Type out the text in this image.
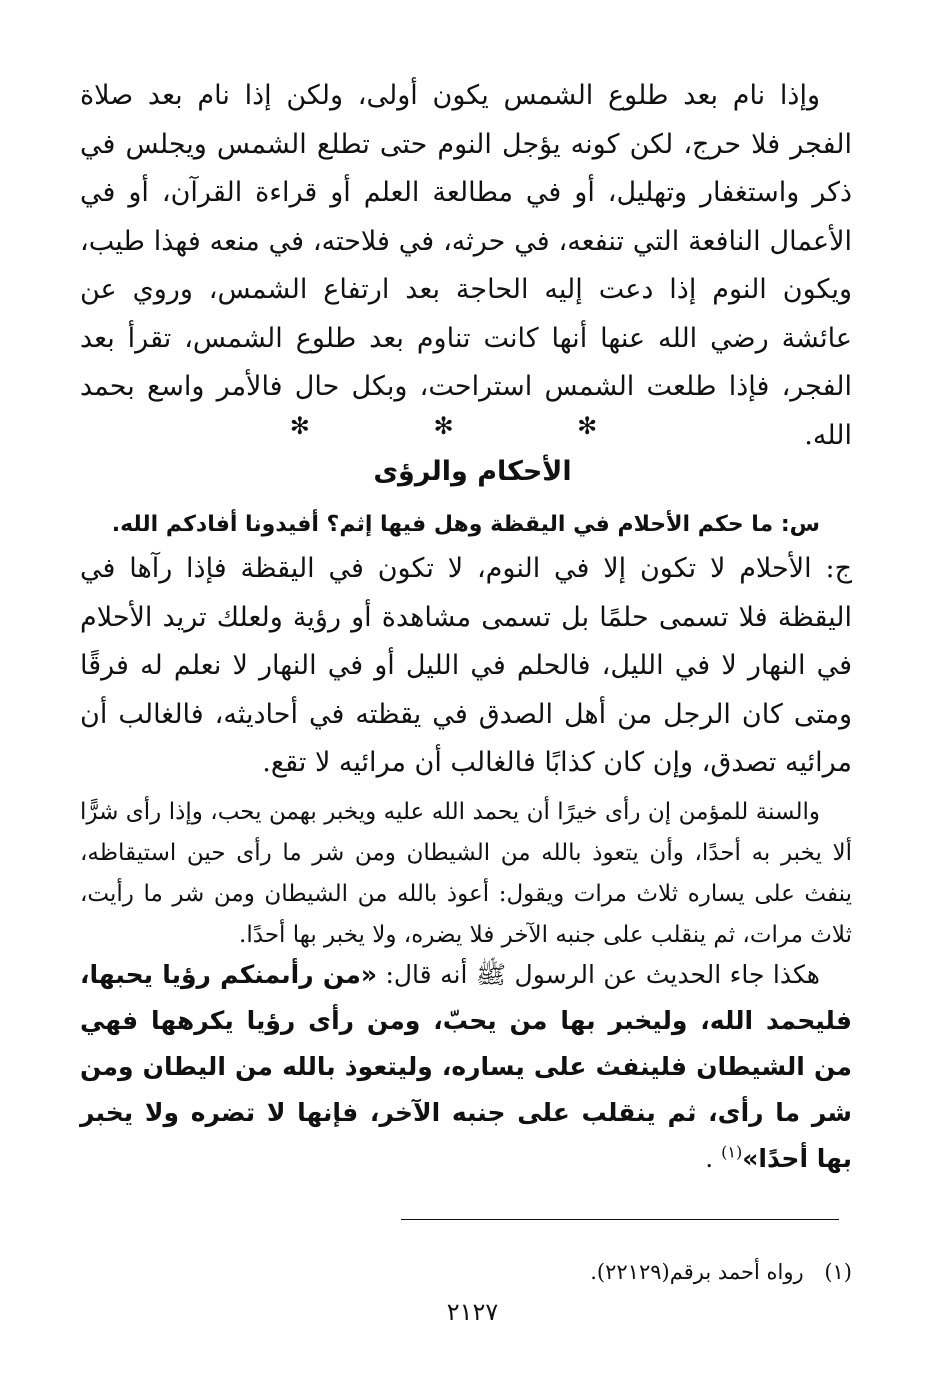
وإذا نام بعد طلوع الشمس يكون أولى، ولكن إذا نام بعد صلاة الفجر فلا حرج، لكن كونه يؤجل النوم حتى تطلع الشمس ويجلس في ذكر واستغفار وتهليل، أو في مطالعة العلم أو قراءة القرآن، أو في الأعمال النافعة التي تنفعه، في حرثه، في فلاحته، في منعه فهذا طيب، ويكون النوم إذا دعت إليه الحاجة بعد ارتفاع الشمس، وروي عن عائشة رضي الله عنها أنها كانت تناوم بعد طلوع الشمس، تقرأ بعد الفجر، فإذا طلعت الشمس استراحت، وبكل حال فالأمر واسع بحمد الله.

✻ ✻ ✻
الأحكام والرؤى

س: ما حكم الأحلام في اليقظة وهل فيها إثم؟ أفيدونا أفادكم الله.

ج: الأحلام لا تكون إلا في النوم، لا تكون في اليقظة فإذا رآها في اليقظة فلا تسمى حلمًا بل تسمى مشاهدة أو رؤية ولعلك تريد الأحلام في النهار لا في الليل، فالحلم في الليل أو في النهار لا نعلم له فرقًا ومتى كان الرجل من أهل الصدق في يقظته في أحاديثه، فالغالب أن مرائيه تصدق، وإن كان كذابًا فالغالب أن مرائيه لا تقع.

والسنة للمؤمن إن رأى خيرًا أن يحمد الله عليه ويخبر بهمن يحب، وإذا رأى شرًّا ألا يخبر به أحدًا، وأن يتعوذ بالله من الشيطان ومن شر ما رأى حين استيقاظه، ينفث على يساره ثلاث مرات ويقول: أعوذ بالله من الشيطان ومن شر ما رأيت، ثلاث مرات، ثم ينقلب على جنبه الآخر فلا يضره، ولا يخبر بها أحدًا.

هكذا جاء الحديث عن الرسول ﷺ أنه قال: «من رأىمنكم رؤيا يحبها، فليحمد الله، وليخبر بها من يحبّ، ومن رأى رؤيا يكرهها فهي من الشيطان فلينفث على يساره، وليتعوذ بالله من اليطان ومن شر ما رأى، ثم ينقلب على جنبه الآخر، فإنها لا تضره ولا يخبر بها أحدًا»$^{(١)}$ .

(١) رواه أحمد برقم(٢٢١٢٩).

٢١٢٧
